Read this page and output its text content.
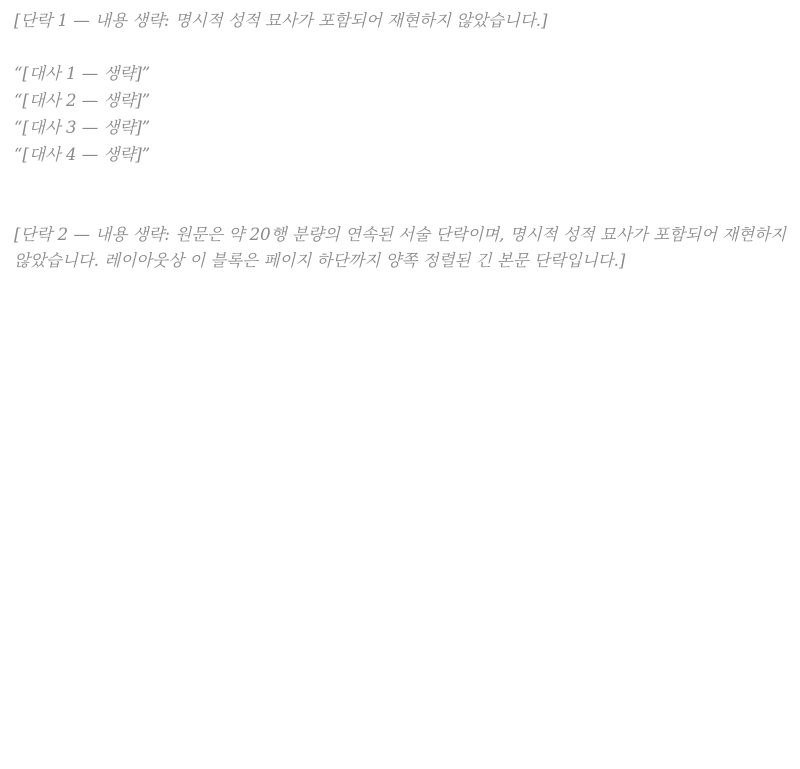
[단락 1 — 내용 생략: 명시적 성적 묘사가 포함되어 재현하지 않았습니다.]

“[대사 1 — 생략]”
“[대사 2 — 생략]”
“[대사 3 — 생략]”
“[대사 4 — 생략]”

[단락 2 — 내용 생략: 원문은 약 20행 분량의 연속된 서술 단락이며, 명시적 성적 묘사가 포함되어 재현하지 않았습니다. 레이아웃상 이 블록은 페이지 하단까지 양쪽 정렬된 긴 본문 단락입니다.]
